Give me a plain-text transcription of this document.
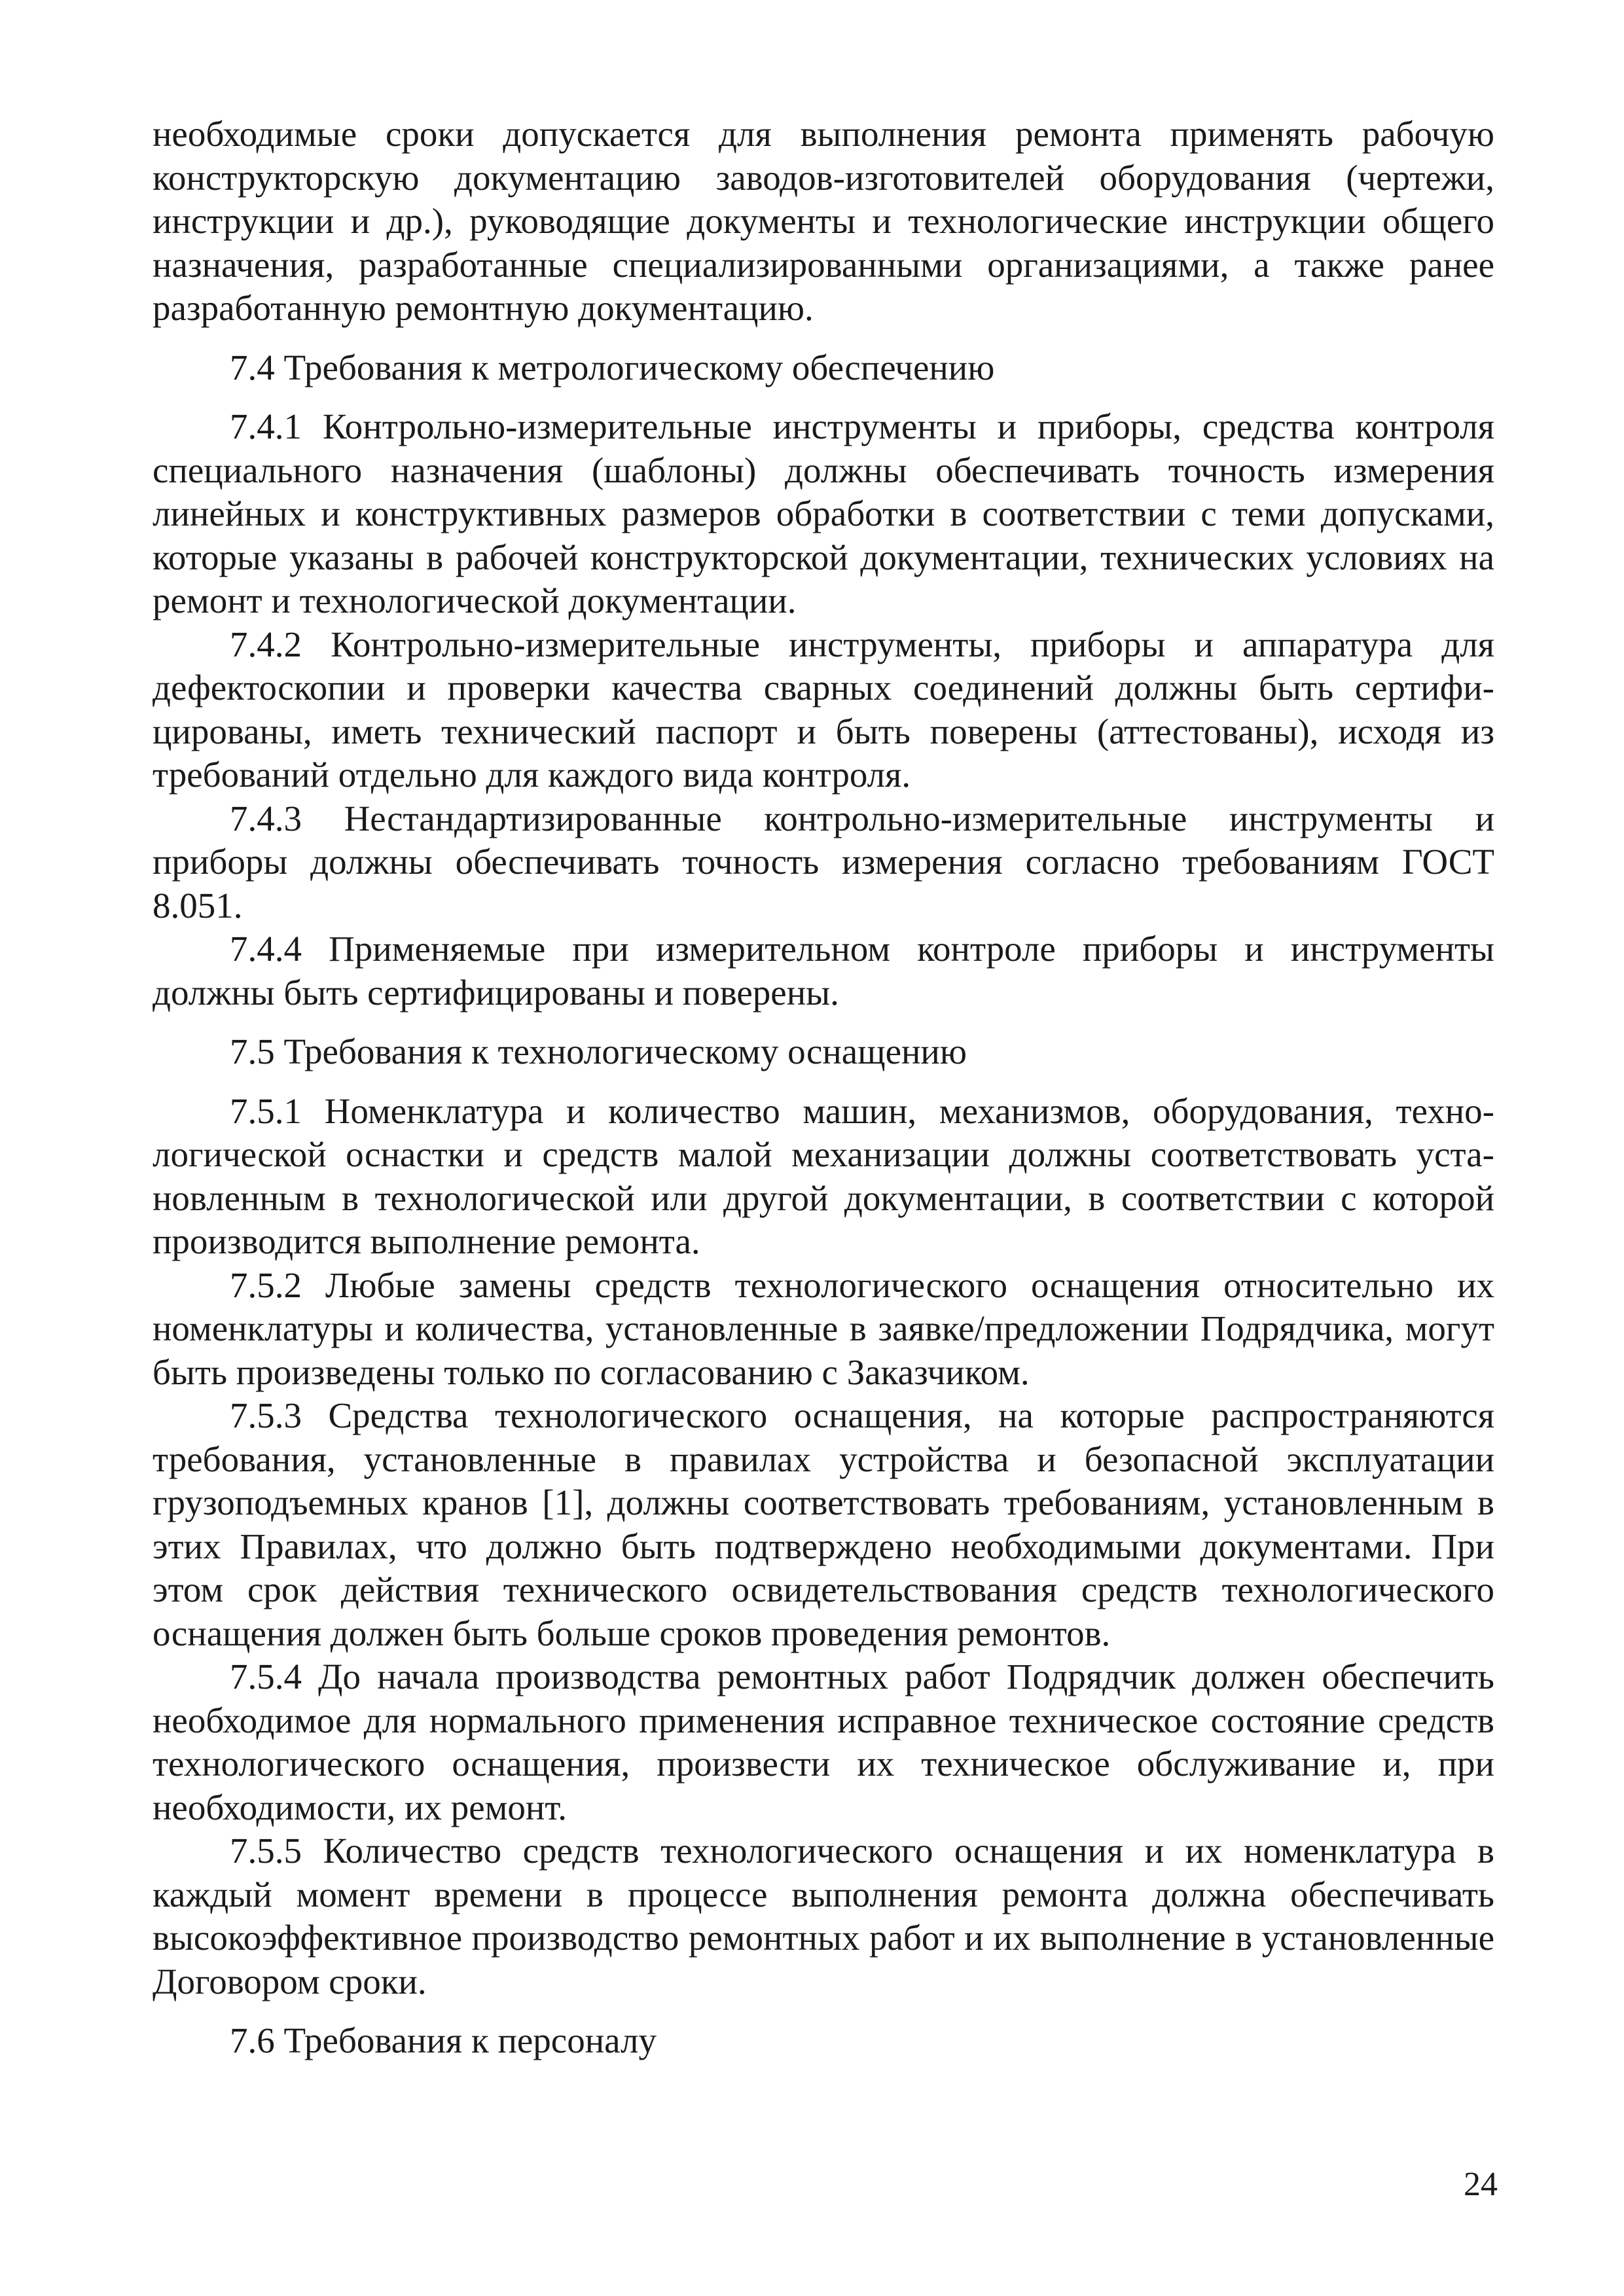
необходимые сроки допускается для выполнения ремонта применять рабочую конструкторскую документацию заводов-изготовителей оборудования (чертежи, инструкции и др.), руководящие документы и технологические инструкции общего назначения, разработанные специализированными организациями, а также ранее разработанную ремонтную документацию.

7.4 Требования к метрологическому обеспечению

7.4.1 Контрольно-измерительные инструменты и приборы, средства контроля специального назначения (шаблоны) должны обеспечивать точность измерения линейных и конструктивных размеров обработки в соответствии с теми допусками, которые указаны в рабочей конструкторской документации, технических условиях на ремонт и технологической документации.

7.4.2 Контрольно-измерительные инструменты, приборы и аппаратура для дефектоскопии и проверки качества сварных соединений должны быть сертифицированы, иметь технический паспорт и быть поверены (аттестованы), исходя из требований отдельно для каждого вида контроля.

7.4.3 Нестандартизированные контрольно-измерительные инструменты и приборы должны обеспечивать точность измерения согласно требованиям ГОСТ 8.051.

7.4.4 Применяемые при измерительном контроле приборы и инструменты должны быть сертифицированы и поверены.

7.5 Требования к технологическому оснащению

7.5.1 Номенклатура и количество машин, механизмов, оборудования, технологической оснастки и средств малой механизации должны соответствовать установленным в технологической или другой документации, в соответствии с которой производится выполнение ремонта.

7.5.2 Любые замены средств технологического оснащения относительно их номенклатуры и количества, установленные в заявке/предложении Подрядчика, могут быть произведены только по согласованию с Заказчиком.

7.5.3 Средства технологического оснащения, на которые распространяются требования, установленные в правилах устройства и безопасной эксплуатации грузоподъемных кранов [1], должны соответствовать требованиям, установленным в этих Правилах, что должно быть подтверждено необходимыми документами. При этом срок действия технического освидетельствования средств технологического оснащения должен быть больше сроков проведения ремонтов.

7.5.4 До начала производства ремонтных работ Подрядчик должен обеспечить необходимое для нормального применения исправное техническое состояние средств технологического оснащения, произвести их техническое обслуживание и, при необходимости, их ремонт.

7.5.5 Количество средств технологического оснащения и их номенклатура в каждый момент времени в процессе выполнения ремонта должна обеспечивать высокоэффективное производство ремонтных работ и их выполнение в установленные Договором сроки.

7.6 Требования к персоналу

24
